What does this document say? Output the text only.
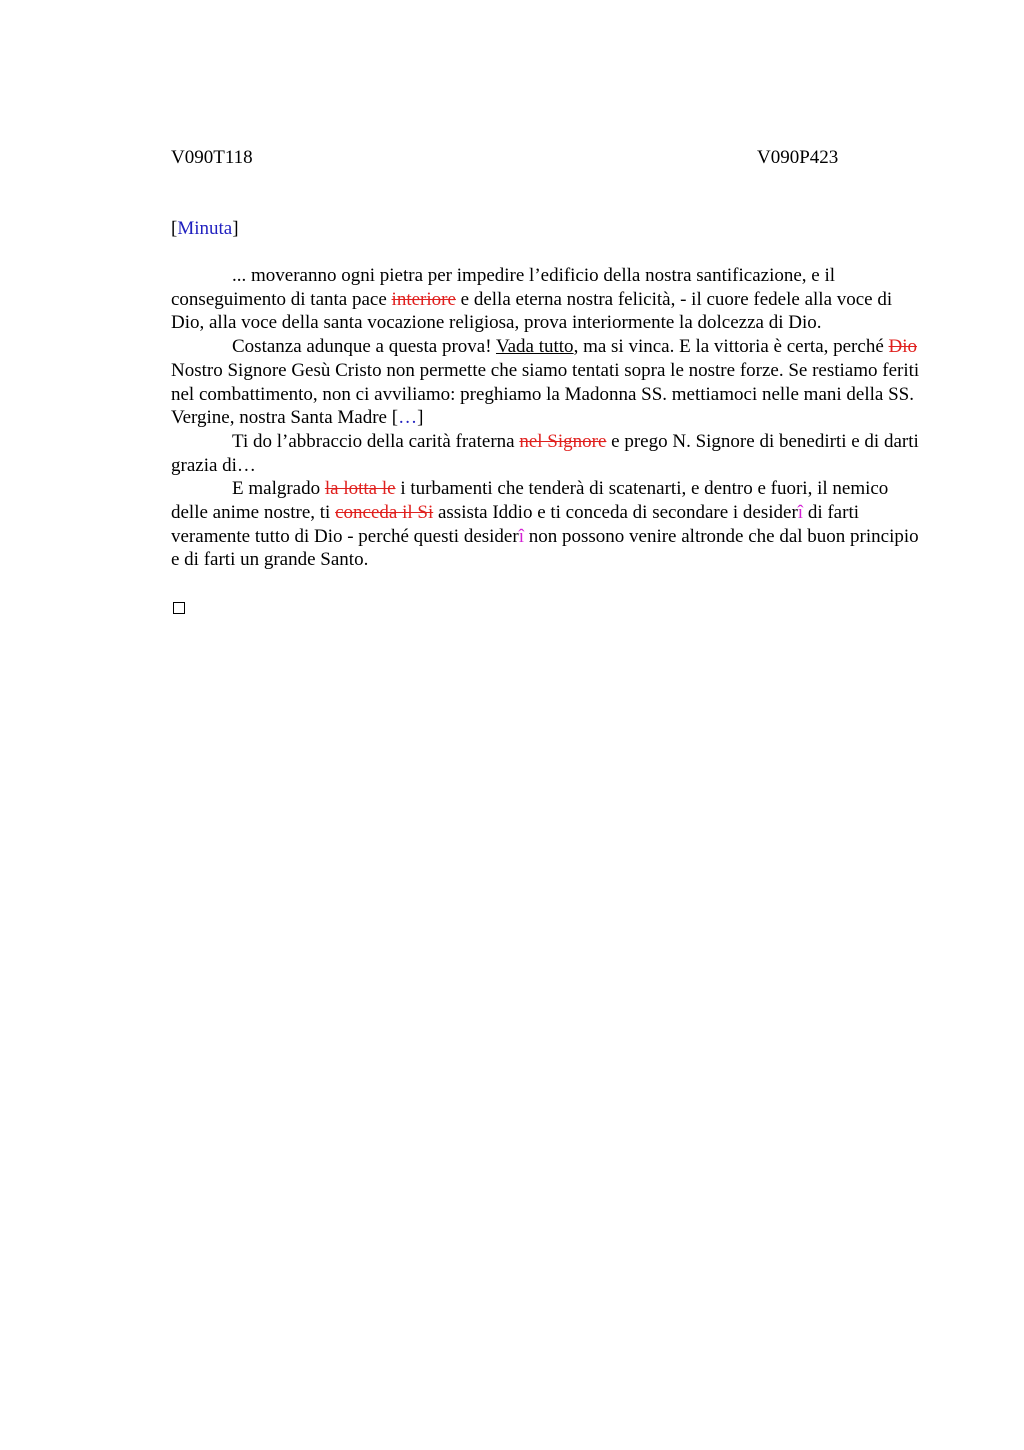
V090T118	V090P423
[Minuta]

... moveranno ogni pietra per impedire l’edificio della nostra santificazione, e il conseguimento di tanta pace interiore e della eterna nostra felicità, - il cuore fedele alla voce di Dio, alla voce della santa vocazione religiosa, prova interiormente la dolcezza di Dio.

Costanza adunque a questa prova! Vada tutto, ma si vinca. E la vittoria è certa, perché Dio Nostro Signore Gesù Cristo non permette che siamo tentati sopra le nostre forze. Se restiamo feriti nel combattimento, non ci avviliamo: preghiamo la Madonna SS. mettiamoci nelle mani della SS. Vergine, nostra Santa Madre […]

Ti do l’abbraccio della carità fraterna nel Signore e prego N. Signore di benedirti e di darti grazia di…

E malgrado la lotta le i turbamenti che tenderà di scatenarti, e dentro e fuori, il nemico delle anime nostre, ti conceda il Si assista Iddio e ti conceda di secondare i desiderî di farti veramente tutto di Dio - perché questi desiderî non possono venire altronde che dal buon principio e di farti un grande Santo.
